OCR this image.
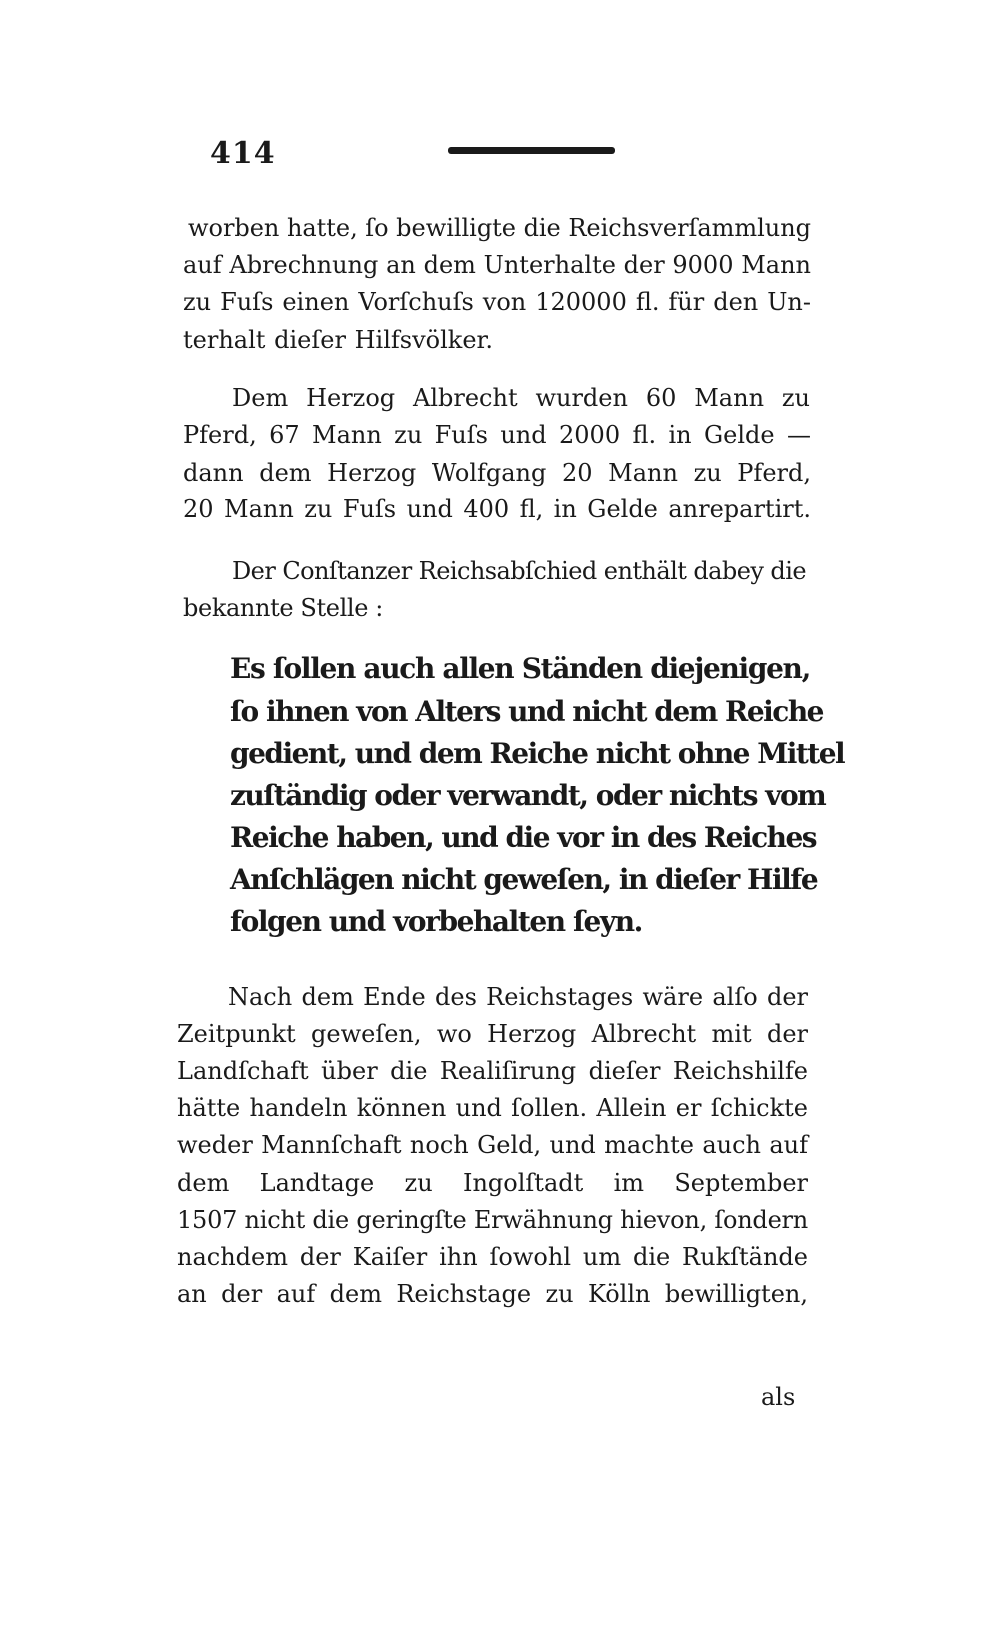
414
worben hatte, ſo bewilligte die Reichsverſammlung
auf Abrechnung an dem Unterhalte der 9000 Mann
zu Fuſs einen Vorſchuſs von 120000 fl. für den Un-
terhalt dieſer Hilfsvölker.
Dem Herzog Albrecht wurden 60 Mann zu
Pferd, 67 Mann zu Fuſs und 2000 fl. in Gelde —
dann dem Herzog Wolfgang 20 Mann zu Pferd,
20 Mann zu Fuſs und 400 fl, in Gelde anrepartirt.
Der Conſtanzer Reichsabſchied enthält dabey die
bekannte Stelle :
Es ſollen auch allen Ständen diejenigen,
ſo ihnen von Alters und nicht dem Reiche
gedient, und dem Reiche nicht ohne Mittel
zuſtändig oder verwandt, oder nichts vom
Reiche haben, und die vor in des Reiches
Anſchlägen nicht geweſen, in dieſer Hilfe
folgen und vorbehalten ſeyn.
Nach dem Ende des Reichstages wäre alſo der
Zeitpunkt geweſen, wo Herzog Albrecht mit der
Landſchaft über die Realiſirung dieſer Reichshilfe
hätte handeln können und ſollen. Allein er ſchickte
weder Mannſchaft noch Geld, und machte auch auf
dem Landtage zu Ingolſtadt im September
1507 nicht die geringſte Erwähnung hievon, ſondern
nachdem der Kaiſer ihn ſowohl um die Rukſtände
an der auf dem Reichstage zu Kölln bewilligten,
als
